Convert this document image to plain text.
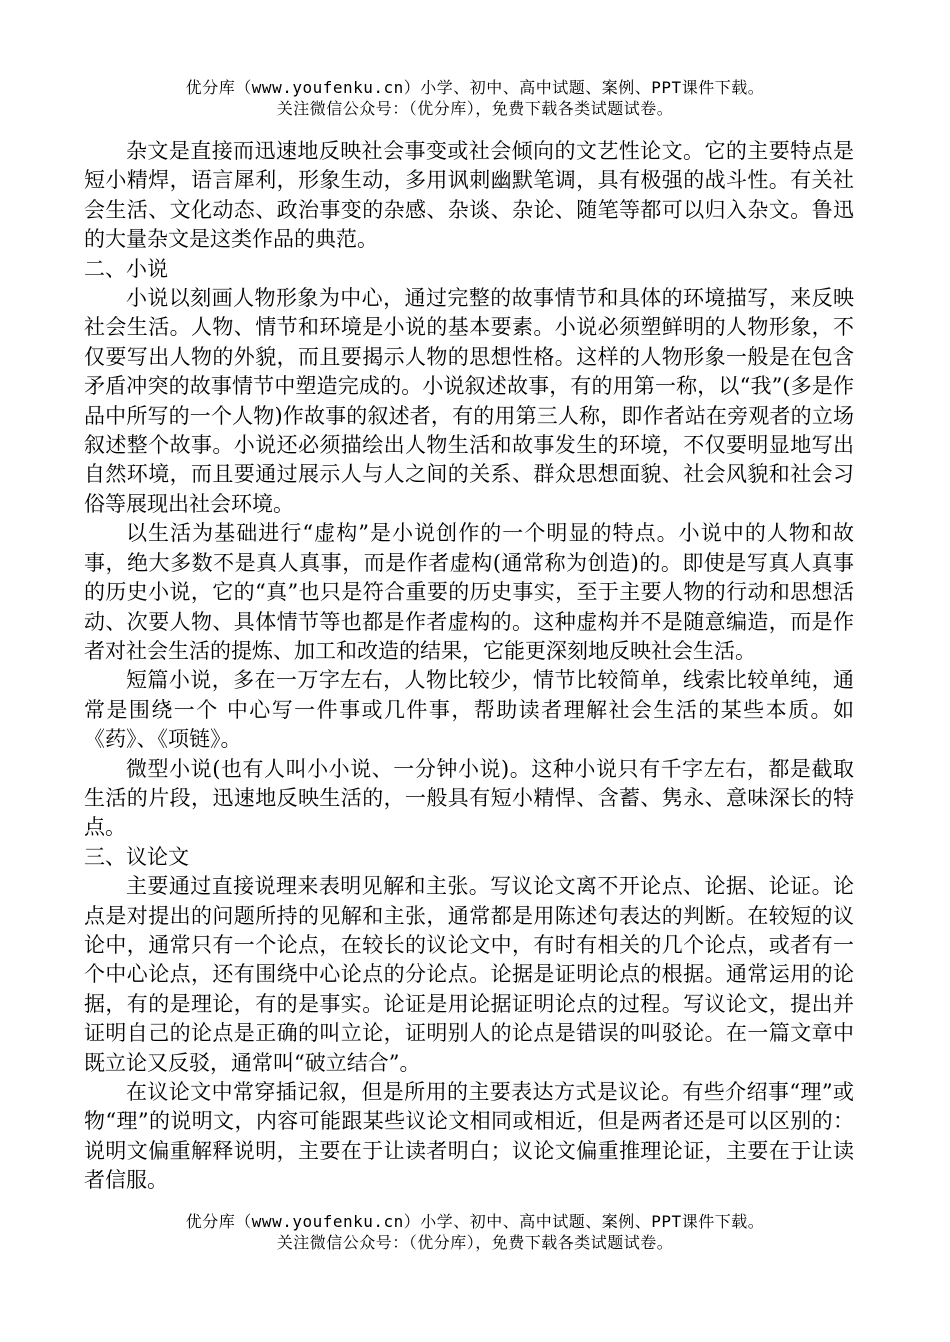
优分库（www.youfenku.cn）小学、初中、高中试题、案例、PPT课件下载。
关注微信公众号：（优分库），免费下载各类试题试卷。

杂文是直接而迅速地反映社会事变或社会倾向的文艺性论文。它的主要特点是短小精焊，语言犀利，形象生动，多用讽刺幽默笔调，具有极强的战斗性。有关社会生活、文化动态、政治事变的杂感、杂谈、杂论、随笔等都可以归入杂文。鲁迅的大量杂文是这类作品的典范。

二、小说

小说以刻画人物形象为中心，通过完整的故事情节和具体的环境描写，来反映社会生活。人物、情节和环境是小说的基本要素。小说必须塑鲜明的人物形象，不仅要写出人物的外貌，而且要揭示人物的思想性格。这样的人物形象一般是在包含矛盾冲突的故事情节中塑造完成的。小说叙述故事，有的用第一称，以“我”(多是作品中所写的一个人物)作故事的叙述者，有的用第三人称，即作者站在旁观者的立场叙述整个故事。小说还必须描绘出人物生活和故事发生的环境，不仅要明显地写出自然环境，而且要通过展示人与人之间的关系、群众思想面貌、社会风貌和社会习俗等展现出社会环境。

以生活为基础进行“虚构”是小说创作的一个明显的特点。小说中的人物和故事，绝大多数不是真人真事，而是作者虚构(通常称为创造)的。即使是写真人真事的历史小说，它的“真”也只是符合重要的历史事实，至于主要人物的行动和思想活动、次要人物、具体情节等也都是作者虚构的。这种虚构并不是随意编造，而是作者对社会生活的提炼、加工和改造的结果，它能更深刻地反映社会生活。

短篇小说，多在一万字左右，人物比较少，情节比较简单，线索比较单纯，通常是围绕一个 中心写一件事或几件事，帮助读者理解社会生活的某些本质。如《药》、《项链》。

微型小说(也有人叫小小说、一分钟小说)。这种小说只有千字左右，都是截取生活的片段，迅速地反映生活的，一般具有短小精悍、含蓄、隽永、意味深长的特点。

三、议论文

主要通过直接说理来表明见解和主张。写议论文离不开论点、论据、论证。论点是对提出的问题所持的见解和主张，通常都是用陈述句表达的判断。在较短的议论中，通常只有一个论点，在较长的议论文中，有时有相关的几个论点，或者有一个中心论点，还有围绕中心论点的分论点。论据是证明论点的根据。通常运用的论据，有的是理论，有的是事实。论证是用论据证明论点的过程。写议论文，提出并证明自己的论点是正确的叫立论，证明别人的论点是错误的叫驳论。在一篇文章中既立论又反驳，通常叫“破立结合”。

在议论文中常穿插记叙，但是所用的主要表达方式是议论。有些介绍事“理”或物“理”的说明文，内容可能跟某些议论文相同或相近，但是两者还是可以区别的：说明文偏重解释说明，主要在于让读者明白；议论文偏重推理论证，主要在于让读者信服。

优分库（www.youfenku.cn）小学、初中、高中试题、案例、PPT课件下载。
关注微信公众号：（优分库），免费下载各类试题试卷。
